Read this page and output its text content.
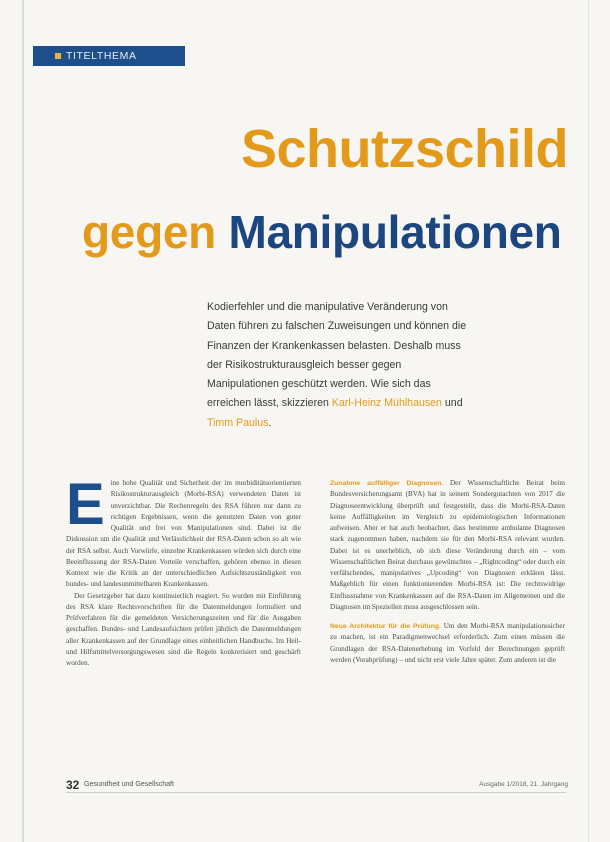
TITELTHEMA
Schutzschild
gegen Manipulationen
Kodierfehler und die manipulative Veränderung von Daten führen zu falschen Zuweisungen und können die Finanzen der Krankenkassen belasten. Deshalb muss der Risikostrukturausgleich besser gegen Manipulationen geschützt werden. Wie sich das erreichen lässt, skizzieren Karl-Heinz Mühlhausen und Timm Paulus.

Eine hohe Qualität und Sicherheit der im morbiditätsorientierten Risikostrukturausgleich (Morbi-RSA) verwendeten Daten ist unverzichtbar. Die Rechenregeln des RSA führen nur dann zu richtigen Ergebnissen, wenn die genutzten Daten von guter Qualität und frei von Manipulationen sind. Dabei ist die Diskussion um die Qualität und Verlässlichkeit der RSA-Daten schon so alt wie der RSA selbst. Auch Vorwürfe, einzelne Krankenkassen würden sich durch eine Beeinflussung der RSA-Daten Vorteile verschaffen, gehören ebenso in diesen Kontext wie die Kritik an der unterschiedlichen Aufsichtszuständigkeit von bundes- und landesunmittelbaren Krankenkassen.

Der Gesetzgeber hat dazu kontinuierlich reagiert. So wurden mit Einführung des RSA klare Rechtsvorschriften für die Datenmeldungen formuliert und Prüfverfahren für die gemeldeten Versicherungszeiten und für die Ausgaben geschaffen. Bundes- und Landesaufsichten prüfen jährlich die Datenmeldungen aller Krankenkassen auf der Grundlage eines einheitlichen Handbuchs. Im Heil- und Hilfsmittelversorgungswesen sind die Regeln konkretisiert und geschärft worden.

Zunahme auffälliger Diagnosen. Der Wissenschaftliche Beirat beim Bundesversicherungsamt (BVA) hat in seinem Sondergutachten von 2017 die Diagnoseentwicklung überprüft und festgestellt, dass die Morbi-RSA-Daten keine Auffälligkeiten im Vergleich zu epidemiologischen Informationen aufweisen. Aber er hat auch beobachtet, dass bestimmte ambulante Diagnosen stark zugenommen haben, nachdem sie für den Morbi-RSA relevant wurden. Dabei ist es unerheblich, ob sich diese Veränderung durch ein – vom Wissenschaftlichen Beirat durchaus gewünschtes – „Rightcoding“ oder durch ein verfälschendes, manipulatives „Upcoding“ von Diagnosen erklären lässt. Maßgeblich für einen funktionierenden Morbi-RSA ist: Die rechtswidrige Einflussnahme von Krankenkassen auf die RSA-Daten im Allgemeinen und die Diagnosen im Speziellen muss ausgeschlossen sein.

Neue Architektur für die Prüfung. Um den Morbi-RSA manipulationssicher zu machen, ist ein Paradigmenwechsel erforderlich. Zum einen müssen die Grundlagen der RSA-Datenerhebung im Vorfeld der Berechnungen geprüft werden (Vorabprüfung) – und nicht erst viele Jahre später. Zum anderen ist die

32 Gesundheit und Gesellschaft	Ausgabe 1/2018, 21. Jahrgang
